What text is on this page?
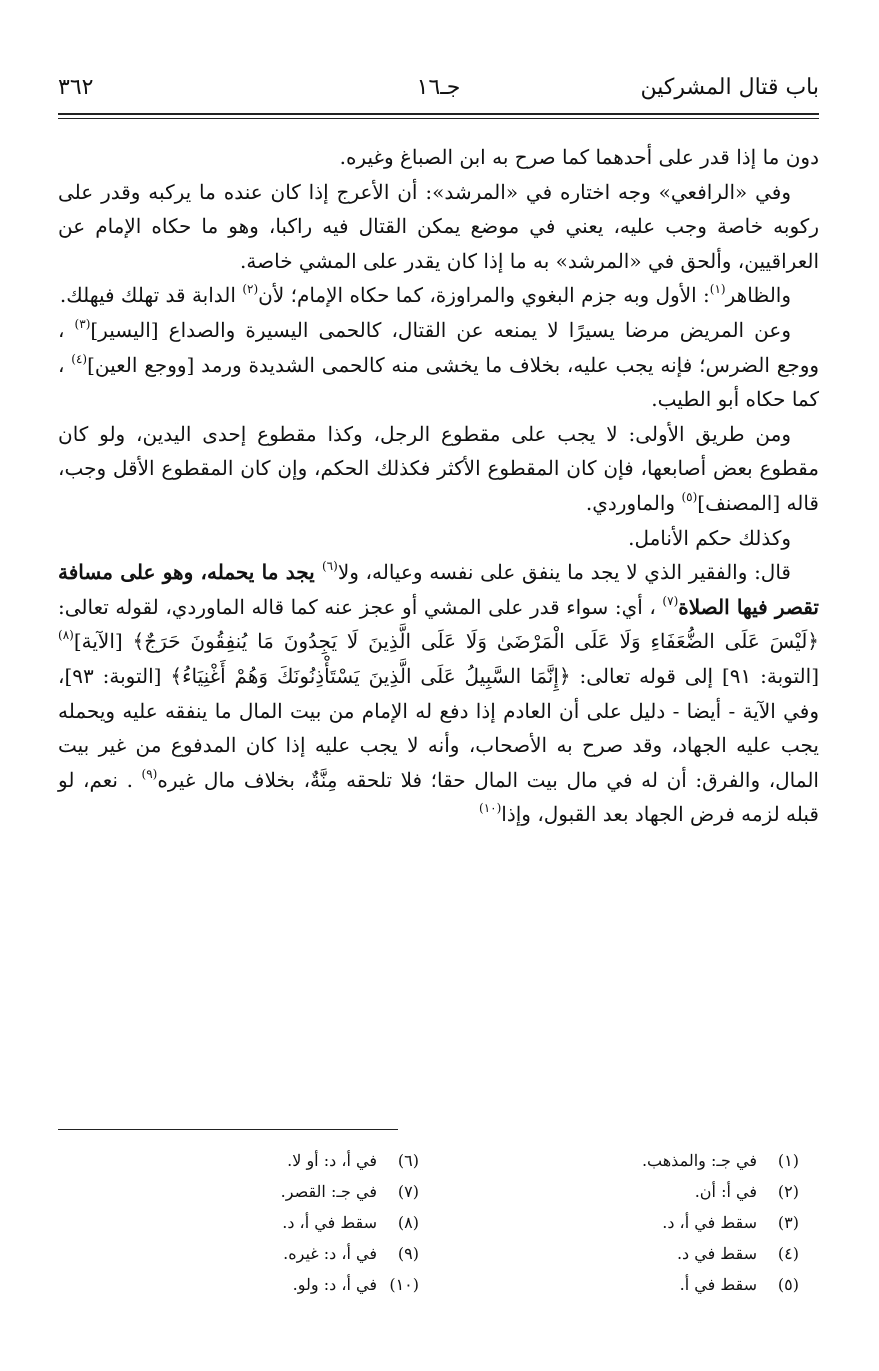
باب قتال المشركين
جـ١٦
٣٦٢

دون ما إذا قدر على أحدهما كما صرح به ابن الصباغ وغيره.

وفي «الرافعي» وجه اختاره في «المرشد»: أن الأعرج إذا كان عنده ما يركبه وقدر على ركوبه خاصة وجب عليه، يعني في موضع يمكن القتال فيه راكبا، وهو ما حكاه الإمام عن العراقيين، وألحق في «المرشد» به ما إذا كان يقدر على المشي خاصة.

والظاهر$^{(١)}$: الأول وبه جزم البغوي والمراوزة، كما حكاه الإمام؛ لأن$^{(٢)}$ الدابة قد تهلك فيهلك.

وعن المريض مرضا يسيرًا لا يمنعه عن القتال، كالحمى اليسيرة والصداع [اليسير]$^{(٣)}$ ، ووجع الضرس؛ فإنه يجب عليه، بخلاف ما يخشى منه كالحمى الشديدة ورمد [ووجع العين]$^{(٤)}$ ، كما حكاه أبو الطيب.

ومن طريق الأولى: لا يجب على مقطوع الرجل، وكذا مقطوع إحدى اليدين، ولو كان مقطوع بعض أصابعها، فإن كان المقطوع الأكثر فكذلك الحكم، وإن كان المقطوع الأقل وجب، قاله [المصنف]$^{(٥)}$ والماوردي.

وكذلك حكم الأنامل.

قال: والفقير الذي لا يجد ما ينفق على نفسه وعياله، ولا$^{(٦)}$ يجد ما يحمله، وهو على مسافة تقصر فيها الصلاة$^{(٧)}$ ، أي: سواء قدر على المشي أو عجز عنه كما قاله الماوردي، لقوله تعالى: ﴿لَيْسَ عَلَى الضُّعَفَاءِ وَلَا عَلَى الْمَرْضَىٰ وَلَا عَلَى الَّذِينَ لَا يَجِدُونَ مَا يُنفِقُونَ حَرَجٌ﴾ [الآية]$^{(٨)}$ [التوبة: ٩١] إلى قوله تعالى: ﴿إِنَّمَا السَّبِيلُ عَلَى الَّذِينَ يَسْتَأْذِنُونَكَ وَهُمْ أَغْنِيَاءُ﴾ [التوبة: ٩٣]، وفي الآية - أيضا - دليل على أن العادم إذا دفع له الإمام من بيت المال ما ينفقه عليه ويحمله يجب عليه الجهاد، وقد صرح به الأصحاب، وأنه لا يجب عليه إذا كان المدفوع من غير بيت المال، والفرق: أن له في مال بيت المال حقا؛ فلا تلحقه مِنَّةٌ، بخلاف مال غيره$^{(٩)}$ . نعم، لو قبله لزمه فرض الجهاد بعد القبول، وإذا$^{(١٠)}$

(١)في جـ: والمذهب.
(٢)في أ: أن.
(٣)سقط في أ، د.
(٤)سقط في د.
(٥)سقط في أ.
(٦)في أ، د: أو لا.
(٧)في جـ: القصر.
(٨)سقط في أ، د.
(٩)في أ، د: غيره.
(١٠)في أ، د: ولو.
